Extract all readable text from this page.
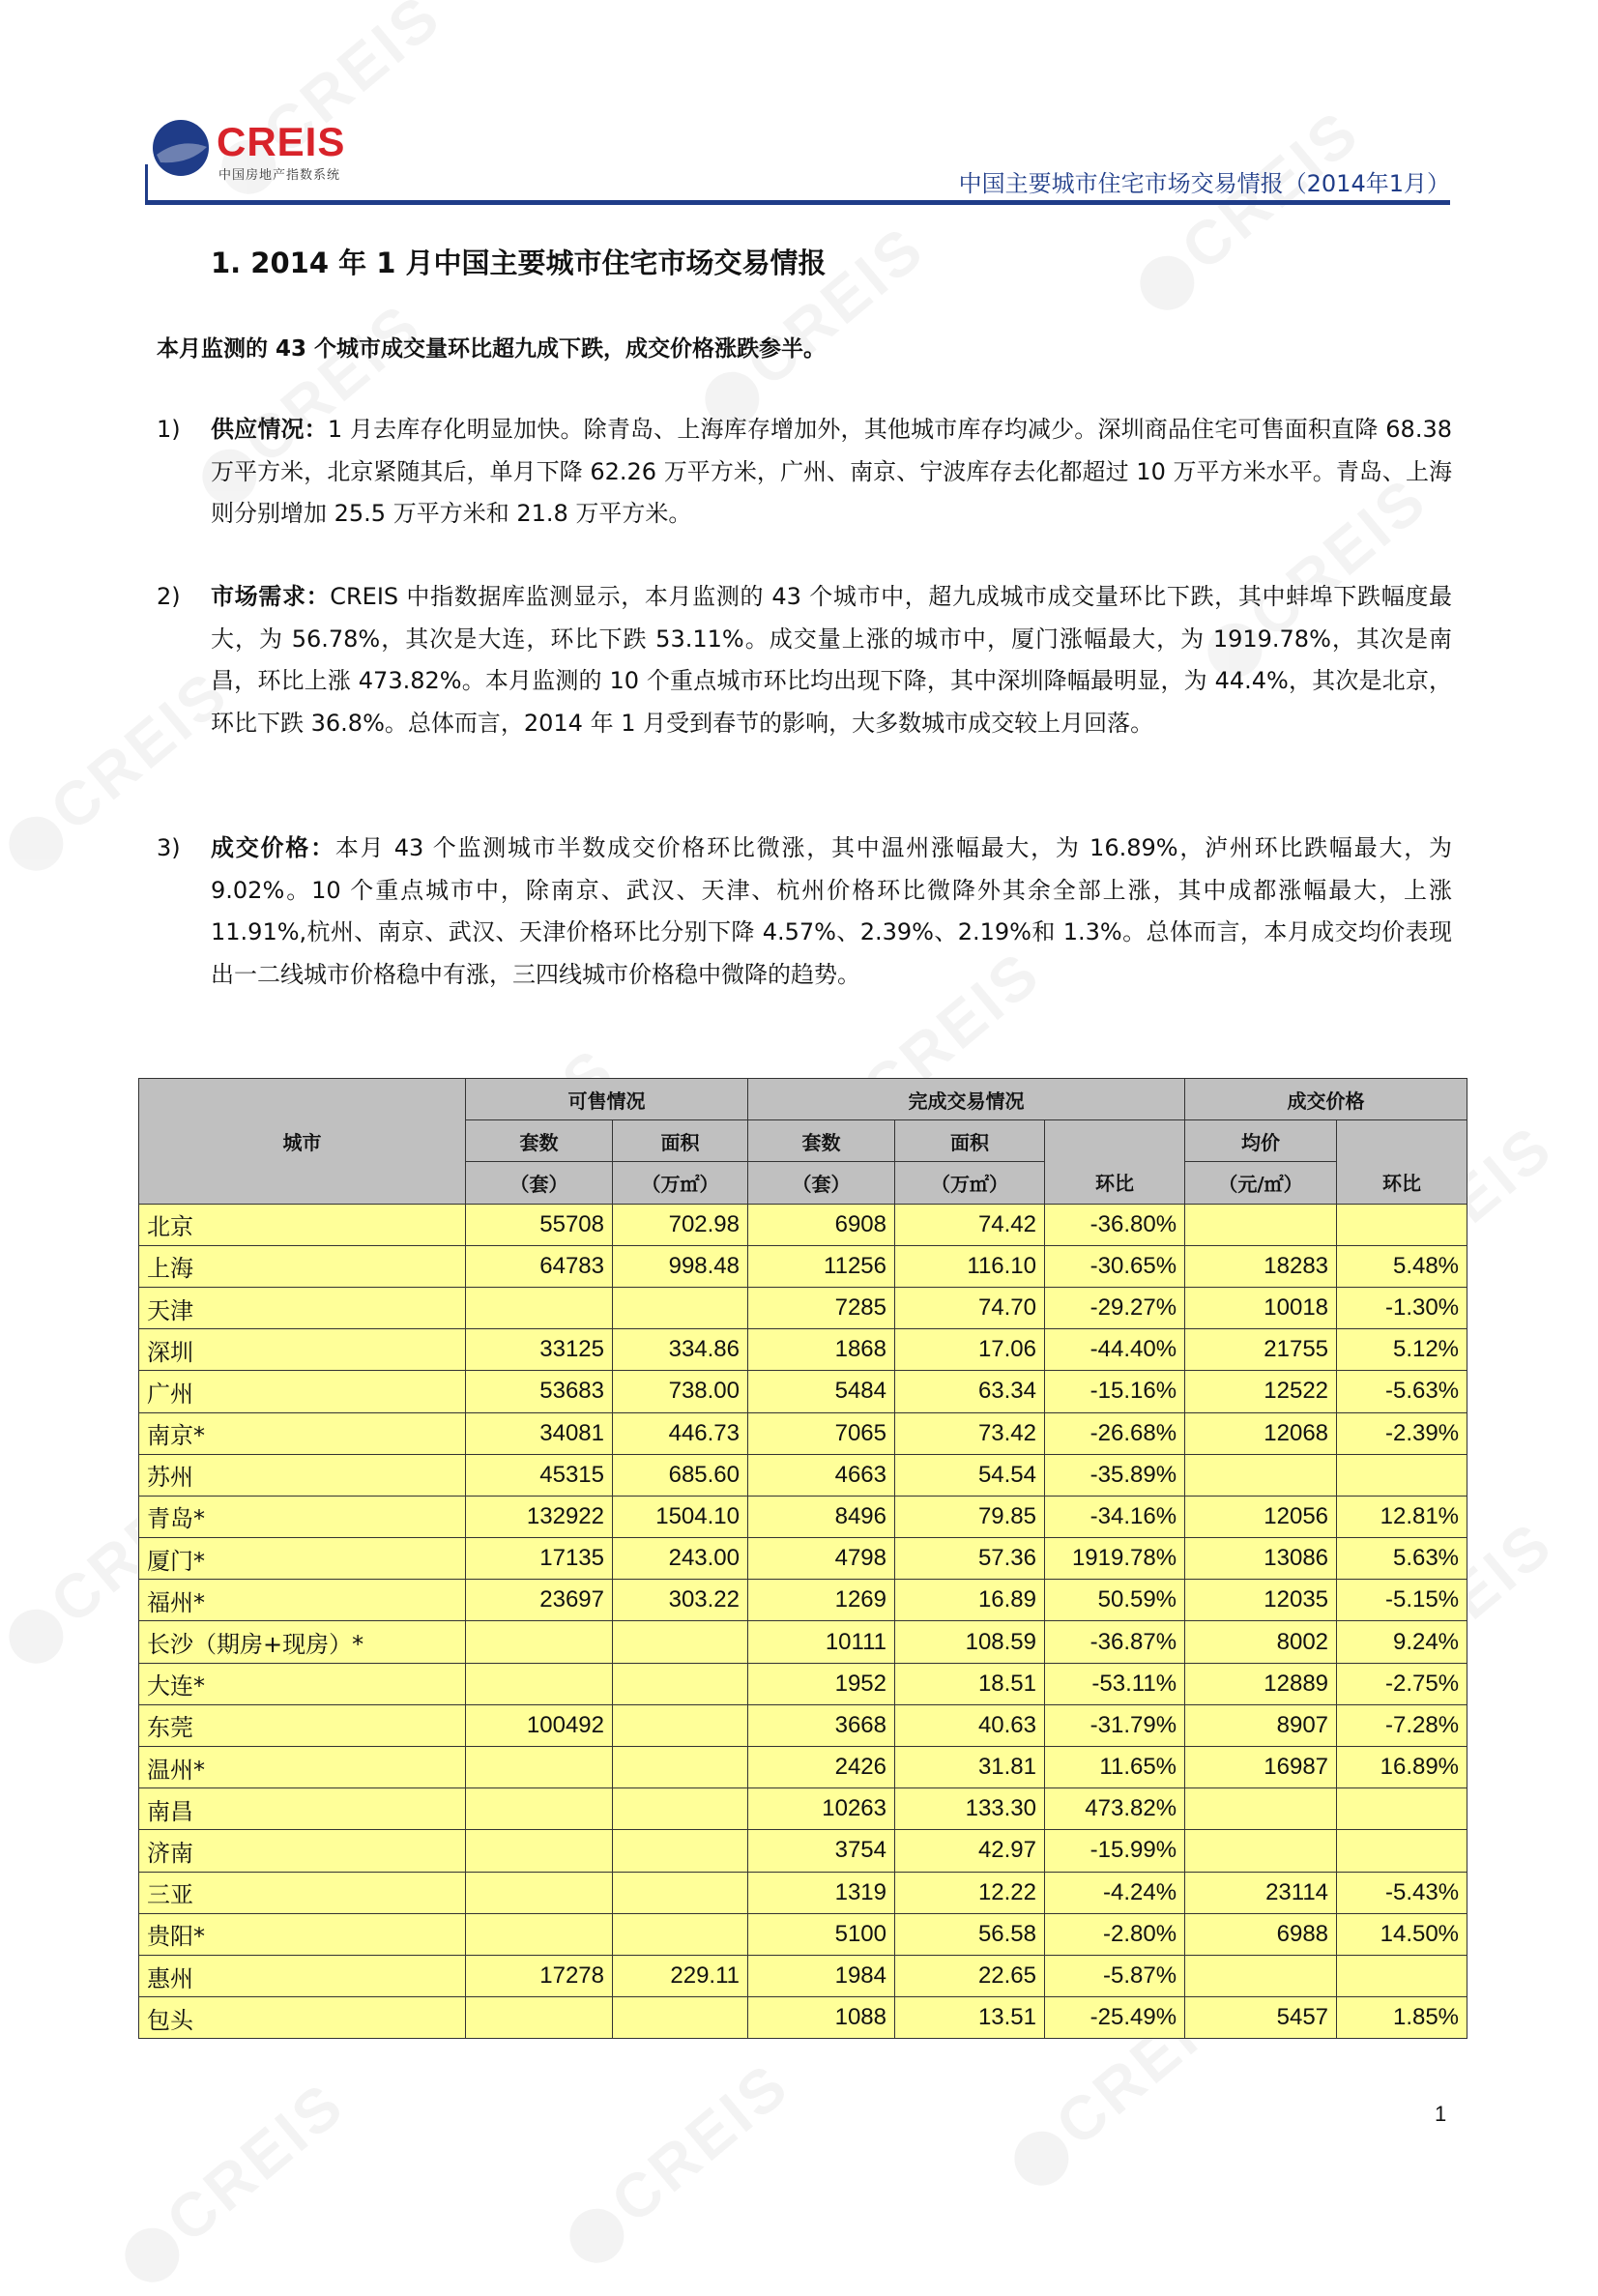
CREIS
中国房地产指数系统	中国主要城市住宅市场交易情报（2014年1月）
1. 2014 年 1 月中国主要城市住宅市场交易情报
本月监测的 43 个城市成交量环比超九成下跌，成交价格涨跌参半。
1) 供应情况：1 月去库存化明显加快。除青岛、上海库存增加外，其他城市库存均减少。深圳商品住宅可售面积直降 68.38 万平方米，北京紧随其后，单月下降 62.26 万平方米，广州、南京、宁波库存去化都超过 10 万平方米水平。青岛、上海则分别增加 25.5 万平方米和 21.8 万平方米。
2) 市场需求：CREIS 中指数据库监测显示，本月监测的 43 个城市中，超九成城市成交量环比下跌，其中蚌埠下跌幅度最大，为 56.78%，其次是大连，环比下跌 53.11%。成交量上涨的城市中，厦门涨幅最大，为 1919.78%，其次是南昌，环比上涨 473.82%。本月监测的 10 个重点城市环比均出现下降，其中深圳降幅最明显，为 44.4%，其次是北京，环比下跌 36.8%。总体而言，2014 年 1 月受到春节的影响，大多数城市成交较上月回落。
3) 成交价格：本月 43 个监测城市半数成交价格环比微涨，其中温州涨幅最大，为 16.89%，泸州环比跌幅最大，为 9.02%。10 个重点城市中，除南京、武汉、天津、杭州价格环比微降外其余全部上涨，其中成都涨幅最大，上涨 11.91%,杭州、南京、武汉、天津价格环比分别下降 4.57%、2.39%、2.19%和 1.3%。总体而言，本月成交均价表现出一二线城市价格稳中有涨，三四线城市价格稳中微降的趋势。
城市	可售情况		完成交易情况			成交价格	
	套数	面积	套数	面积	环比	均价	环比
	（套）	（万㎡）	（套）	（万㎡）		（元/㎡）	
北京	55708	702.98	6908	74.42	-36.80%		
上海	64783	998.48	11256	116.10	-30.65%	18283	5.48%
天津			7285	74.70	-29.27%	10018	-1.30%
深圳	33125	334.86	1868	17.06	-44.40%	21755	5.12%
广州	53683	738.00	5484	63.34	-15.16%	12522	-5.63%
南京*	34081	446.73	7065	73.42	-26.68%	12068	-2.39%
苏州	45315	685.60	4663	54.54	-35.89%		
青岛*	132922	1504.10	8496	79.85	-34.16%	12056	12.81%
厦门*	17135	243.00	4798	57.36	1919.78%	13086	5.63%
福州*	23697	303.22	1269	16.89	50.59%	12035	-5.15%
长沙（期房+现房）*			10111	108.59	-36.87%	8002	9.24%
大连*			1952	18.51	-53.11%	12889	-2.75%
东莞	100492		3668	40.63	-31.79%	8907	-7.28%
温州*			2426	31.81	11.65%	16987	16.89%
南昌			10263	133.30	473.82%		
济南			3754	42.97	-15.99%		
三亚			1319	12.22	-4.24%	23114	-5.43%
贵阳*			5100	56.58	-2.80%	6988	14.50%
惠州	17278	229.11	1984	22.65	-5.87%		
包头			1088	13.51	-25.49%	5457	1.85%
1
